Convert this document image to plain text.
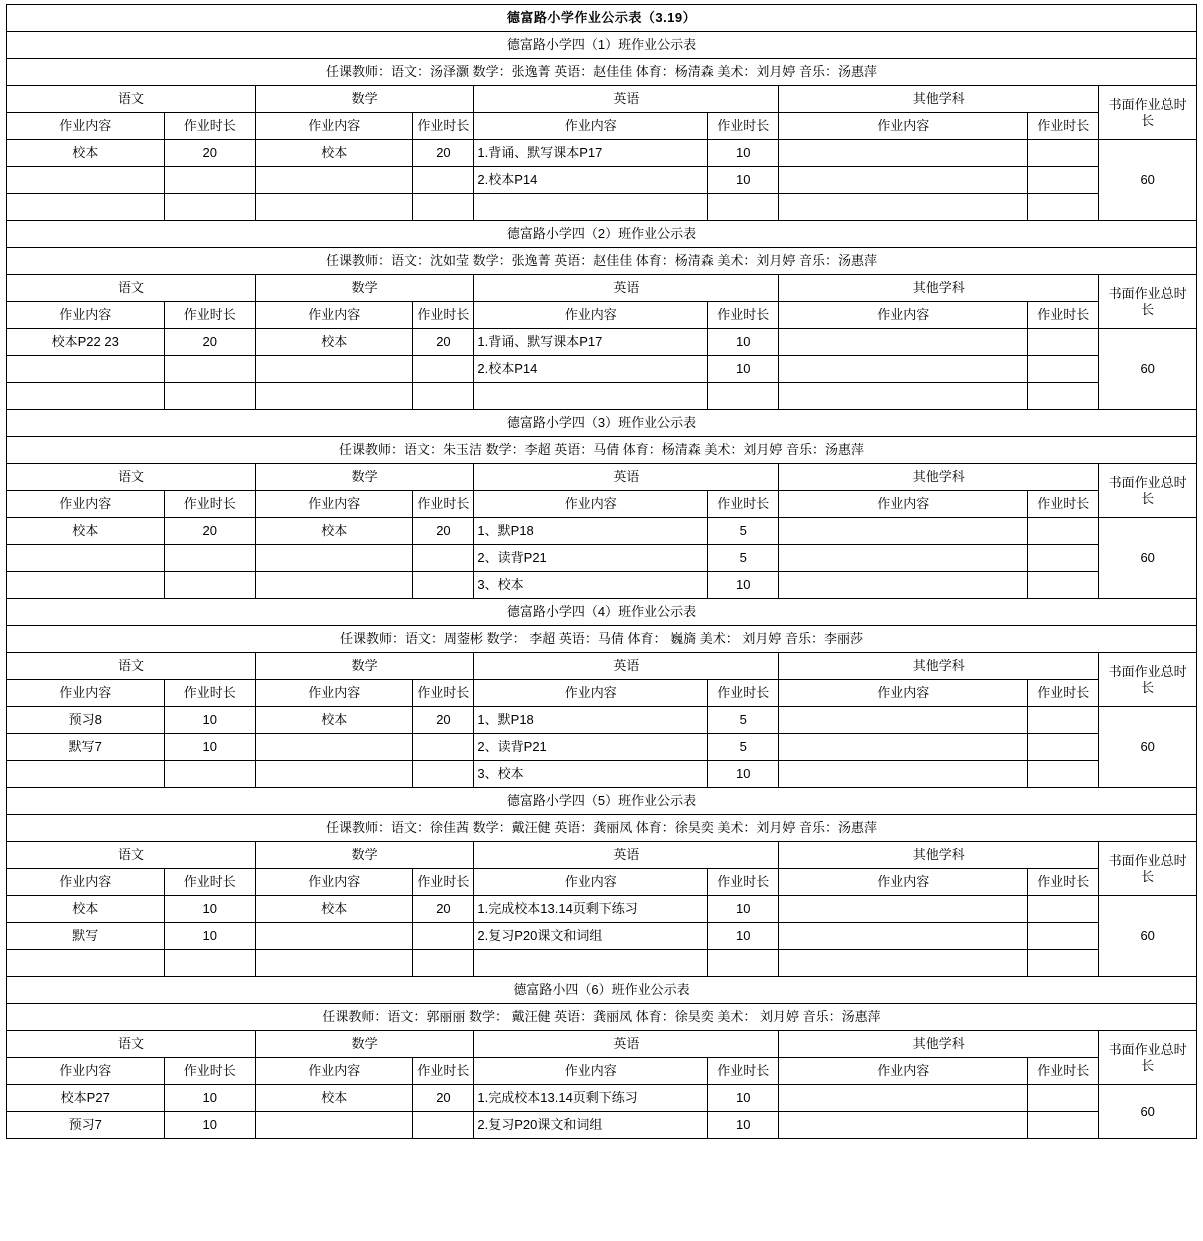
德富路小学作业公示表（3.19）								
德富路小学四（1）班作业公示表								
任课教师：语文：汤泽灏 数学：张逸菁 英语：赵佳佳 体育：杨清森 美术：刘月婷 音乐：汤惠萍								
语文		数学		英语		其他学科		书面作业总时长
作业内容	作业时长	作业内容	作业时长	作业内容	作业时长	作业内容	作业时长	
校本	20	校本	20	1.背诵、默写课本P17	10			60
				2.校本P14	10			

德富路小学四（2）班作业公示表								
任课教师：语文：沈如莹 数学：张逸菁 英语：赵佳佳 体育：杨清森 美术：刘月婷 音乐：汤惠萍								
语文		数学		英语		其他学科		书面作业总时长
作业内容	作业时长	作业内容	作业时长	作业内容	作业时长	作业内容	作业时长	
校本P22 23	20	校本	20	1.背诵、默写课本P17	10			60
				2.校本P14	10			

德富路小学四（3）班作业公示表								
任课教师：语文：朱玉洁 数学：李超 英语：马倩 体育：杨清森 美术：刘月婷 音乐：汤惠萍								
语文		数学		英语		其他学科		书面作业总时长
作业内容	作业时长	作业内容	作业时长	作业内容	作业时长	作业内容	作业时长	
校本	20	校本	20	1、默P18	5			60
				2、读背P21	5			
				3、校本	10			
德富路小学四（4）班作业公示表								
任课教师：语文：周蓥彬 数学： 李超 英语：马倩 体育： 巍旖 美术： 刘月婷 音乐：李丽莎								
语文		数学		英语		其他学科		书面作业总时长
作业内容	作业时长	作业内容	作业时长	作业内容	作业时长	作业内容	作业时长	
预习8	10	校本	20	1、默P18	5			60
默写7	10			2、读背P21	5			
				3、校本	10			
德富路小学四（5）班作业公示表								
任课教师：语文：徐佳茜 数学：戴汪健 英语：龚丽凤 体育：徐昊奕 美术：刘月婷 音乐：汤惠萍								
语文		数学		英语		其他学科		书面作业总时长
作业内容	作业时长	作业内容	作业时长	作业内容	作业时长	作业内容	作业时长	
校本	10	校本	20	1.完成校本13.14页剩下练习	10			60
默写	10			2.复习P20课文和词组	10			

德富路小四（6）班作业公示表								
任课教师：语文：郭丽丽 数学： 戴汪健 英语：龚丽凤 体育：徐昊奕 美术： 刘月婷 音乐：汤惠萍								
语文		数学		英语		其他学科		书面作业总时长
作业内容	作业时长	作业内容	作业时长	作业内容	作业时长	作业内容	作业时长	
校本P27	10	校本	20	1.完成校本13.14页剩下练习	10			60
预习7	10			2.复习P20课文和词组	10			
